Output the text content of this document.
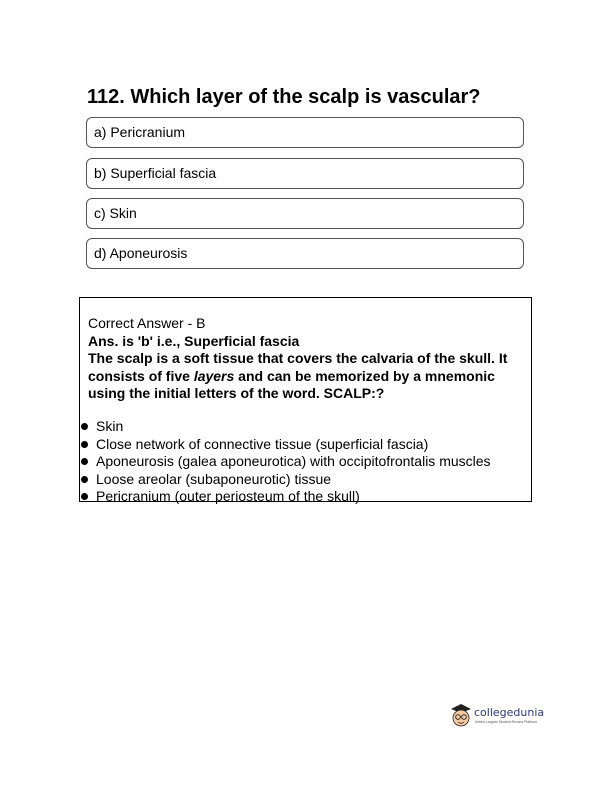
112. Which layer of the scalp is vascular?
a) Pericranium
b) Superficial fascia
c) Skin
d) Aponeurosis
Correct Answer - B
Ans. is 'b' i.e., Superficial fascia
The scalp is a soft tissue that covers the calvaria of the skull. It consists of five layers and can be memorized by a mnemonic using the initial letters of the word. SCALP:?
Skin
Close network of connective tissue (superficial fascia)
Aponeurosis (galea aponeurotica) with occipitofrontalis muscles
Loose areolar (subaponeurotic) tissue
Pericranium (outer periosteum of the skull)
collegedunia
India's Largest Student Review Platform
